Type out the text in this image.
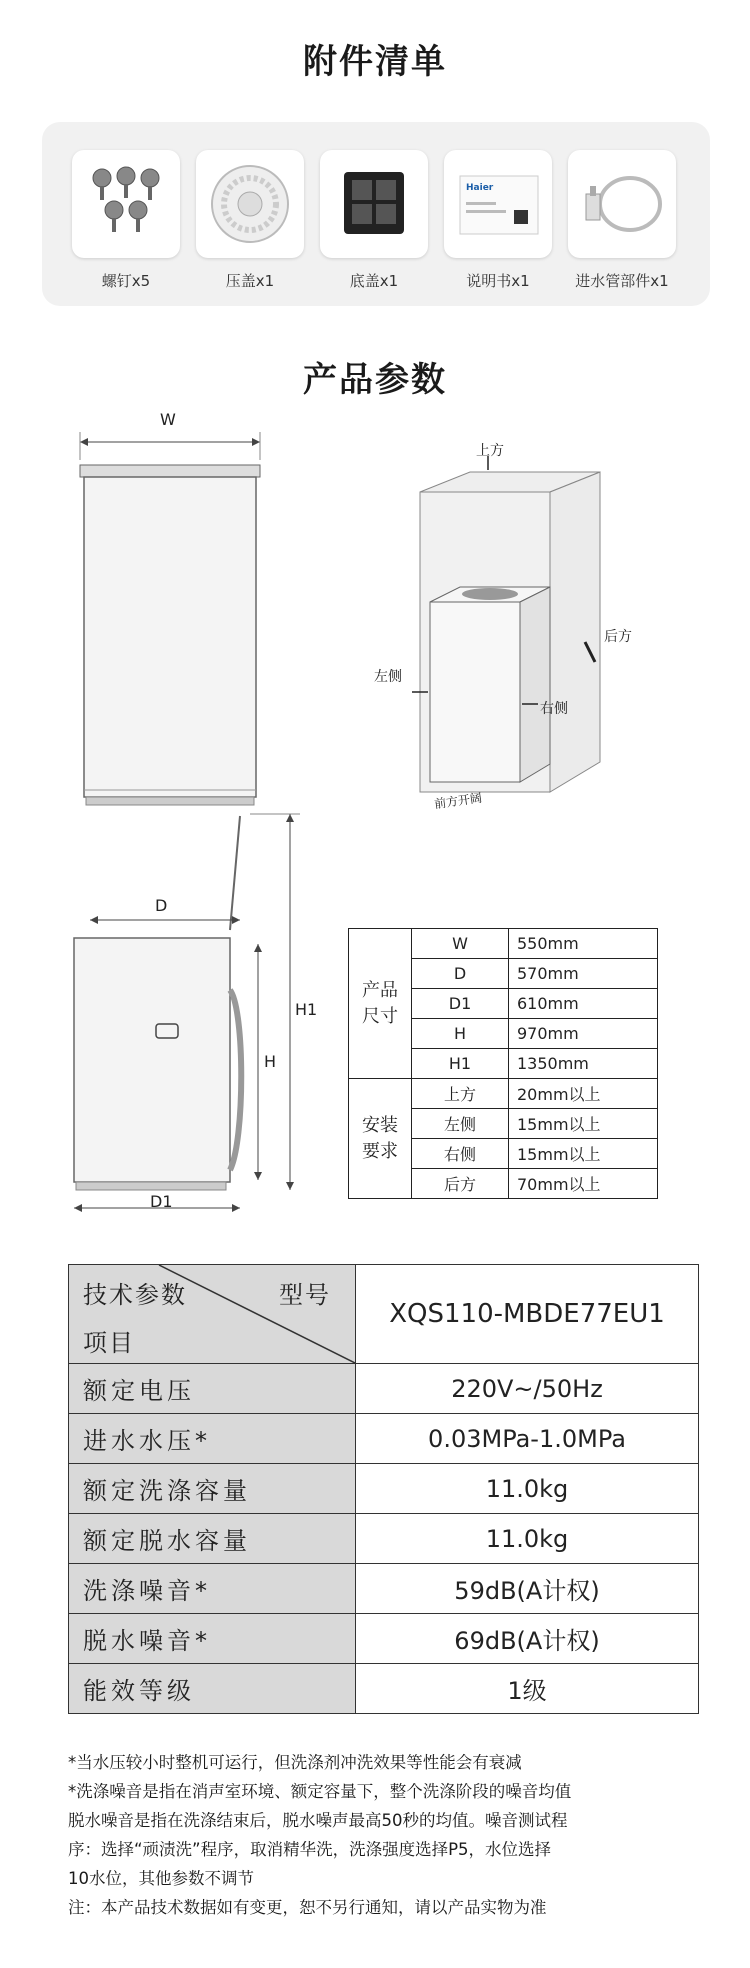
附件清单
螺钉x5	压盖x1	底盖x1
Haier
说明书x1	进水管部件x1
产品参数
W
D
H1
H
D1
上方
后方
左侧
右侧
前方开阔
产品
尺寸	W	550mm
	D	570mm
	D1	610mm
	H	970mm
	H1	1350mm
安装
要求	上方	20mm以上
	左侧	15mm以上
	右侧	15mm以上
	后方	70mm以上
技术参数 型号
项目	XQS110-MBDE77EU1
额定电压	220V~/50Hz
进水水压*	0.03MPa-1.0MPa
额定洗涤容量	11.0kg
额定脱水容量	11.0kg
洗涤噪音*	59dB(A计权)
脱水噪音*	69dB(A计权)
能效等级	1级
*当水压较小时整机可运行，但洗涤剂冲洗效果等性能会有衰减
*洗涤噪音是指在消声室环境、额定容量下，整个洗涤阶段的噪音均值
脱水噪音是指在洗涤结束后，脱水噪声最高50秒的均值。噪音测试程
序：选择“顽渍洗”程序，取消精华洗，洗涤强度选择P5，水位选择
10水位，其他参数不调节
注：本产品技术数据如有变更，恕不另行通知，请以产品实物为准
